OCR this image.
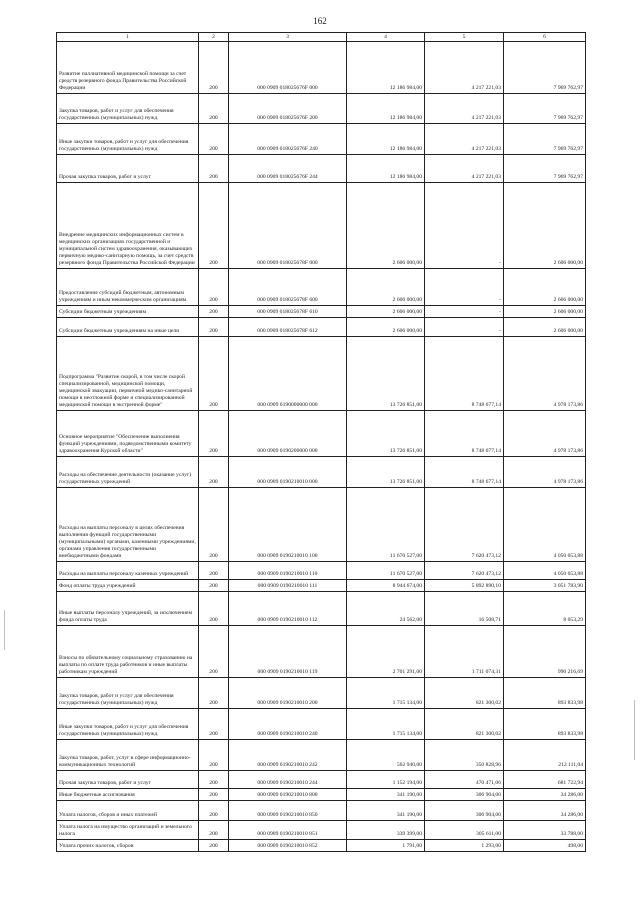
162
1	2	3	4	5	6
Развитие паллиативной медицинской помощи за счет средств резервного фонда Правительства Российской Федерации	200	000 0909 018025676F 000	12 186 984,00	4 217 221,03	7 969 762,97
Закупка товаров, работ и услуг для обеспечения государственных (муниципальных) нужд	200	000 0909 018025676F 200	12 186 984,00	4 217 221,03	7 969 762,97
Иные закупки товаров, работ и услуг для обеспечения государственных (муниципальных) нужд	200	000 0909 018025676F 240	12 186 984,00	4 217 221,03	7 969 762,97
Прочая закупка товаров, работ и услуг	200	000 0909 018025676F 244	12 186 984,00	4 217 221,03	7 969 762,97
Внедрение медицинских информационных систем в медицинских организациях государственной и муниципальной систем здравоохранения, оказывающих первичную медико-санитарную помощь, за счет средств резервного фонда Правительства Российской Федерации	200	000 0909 018025678F 000	2 606 000,00	-	2 606 000,00
Предоставление субсидий бюджетным, автономным учреждениям и иным некоммерческим организациям	200	000 0909 018025678F 600	2 606 000,00	-	2 606 000,00
Субсидии бюджетным учреждениям	200	000 0909 018025678F 610	2 606 000,00	-	2 606 000,00
Субсидии бюджетным учреждениям на иные цели	200	000 0909 018025678F 612	2 606 000,00	-	2 606 000,00
Подпрограмма "Развитие скорой, в том числе скорой специализированной, медицинской помощи, медицинской эвакуации, первичной медико-санитарной помощи в неотложной форме и специализированной медицинской помощи в экстренной форме"	200	000 0909 0190000000 000	13 726 851,00	8 748 677,14	4 978 173,86
Основное мероприятие "Обеспечение выполнения функций учреждениями, подведомственными комитету здравоохранения Курской области"	200	000 0909 0190200000 000	13 726 851,00	8 748 677,14	4 978 173,86
Расходы на обеспечение деятельности (оказание услуг) государственных учреждений	200	000 0909 0190210010 000	13 726 851,00	8 748 677,14	4 978 173,86
Расходы на выплаты персоналу в целях обеспечения выполнения функций государственными (муниципальными) органами, казенными учреждениями, органами управления государственными внебюджетными фондами	200	000 0909 0190210010 100	11 670 527,00	7 620 473,12	4 050 053,88
Расходы на выплаты персоналу казенных учреждений	200	000 0909 0190210010 110	11 670 527,00	7 620 473,12	4 050 053,88
Фонд оплаты труда учреждений	200	000 0909 0190210010 111	8 944 674,00	5 892 890,10	3 051 783,90
Иные выплаты персоналу учреждений, за исключением фонда оплаты труда	200	000 0909 0190210010 112	24 562,00	16 508,71	8 053,29
Взносы по обязательному социальному страхованию на выплаты по оплате труда работников и иные выплаты работникам учреждений	200	000 0909 0190210010 119	2 701 291,00	1 711 074,31	990 216,69
Закупка товаров, работ и услуг для обеспечения государственных (муниципальных) нужд	200	000 0909 0190210010 200	1 715 134,00	821 300,02	893 833,98
Иные закупки товаров, работ и услуг для обеспечения государственных (муниципальных) нужд	200	000 0909 0190210010 240	1 715 134,00	821 300,02	893 833,98
Закупка товаров, работ, услуг в сфере информационно-коммуникационных технологий	200	000 0909 0190210010 242	562 940,00	350 828,96	212 111,04
Прочая закупка товаров, работ и услуг	200	000 0909 0190210010 244	1 152 194,00	470 471,06	681 722,94
Иные бюджетные ассигнования	200	000 0909 0190210010 800	341 190,00	306 904,00	34 286,00
Уплата налогов, сборов и иных платежей	200	000 0909 0190210010 850	341 190,00	306 904,00	34 286,00
Уплата налога на имущество организаций и земельного налога	200	000 0909 0190210010 851	339 399,00	305 611,00	33 788,00
Уплата прочих налогов, сборов	200	000 0909 0190210010 852	1 791,00	1 293,00	498,00
